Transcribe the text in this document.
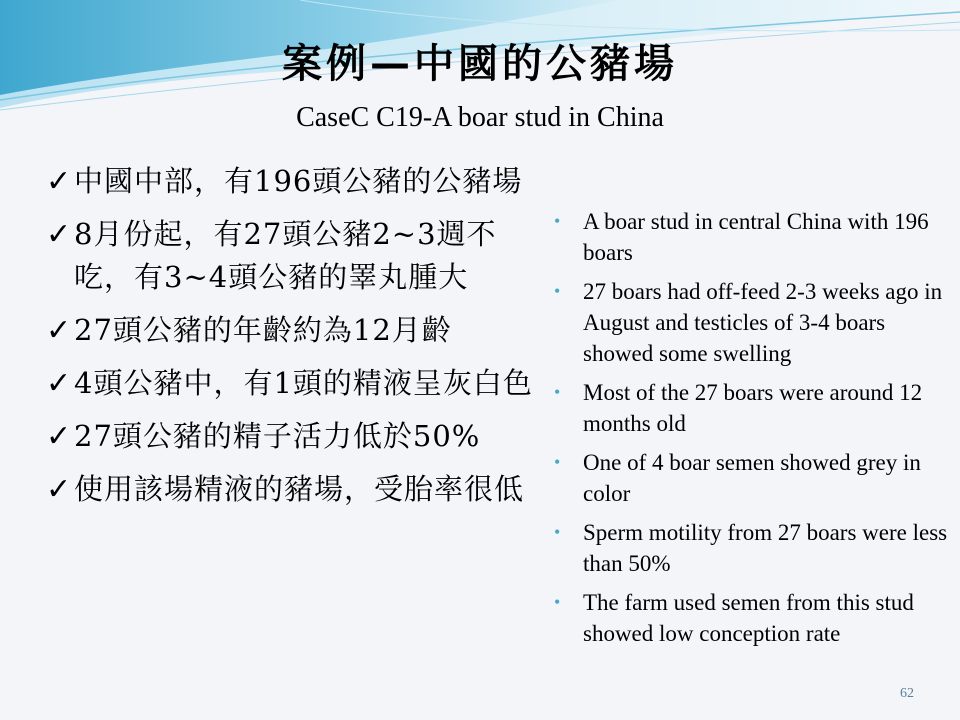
案例—中國的公豬場
CaseC C19-A boar stud in China
✓ 中國中部，有196頭公豬的公豬場
✓ 8月份起，有27頭公豬2~3週不吃，有3~4頭公豬的睪丸腫大
✓ 27頭公豬的年齡約為12月齡
✓ 4頭公豬中，有1頭的精液呈灰白色
✓ 27頭公豬的精子活力低於50%
✓ 使用該場精液的豬場，受胎率很低
• A boar stud in central China with 196 boars
• 27 boars had off-feed 2-3 weeks ago in August and testicles of 3-4 boars showed some swelling
• Most of the 27 boars were around 12 months old
• One of 4 boar semen showed grey in color
• Sperm motility from 27 boars were less than 50%
• The farm used semen from this stud showed low conception rate
62
